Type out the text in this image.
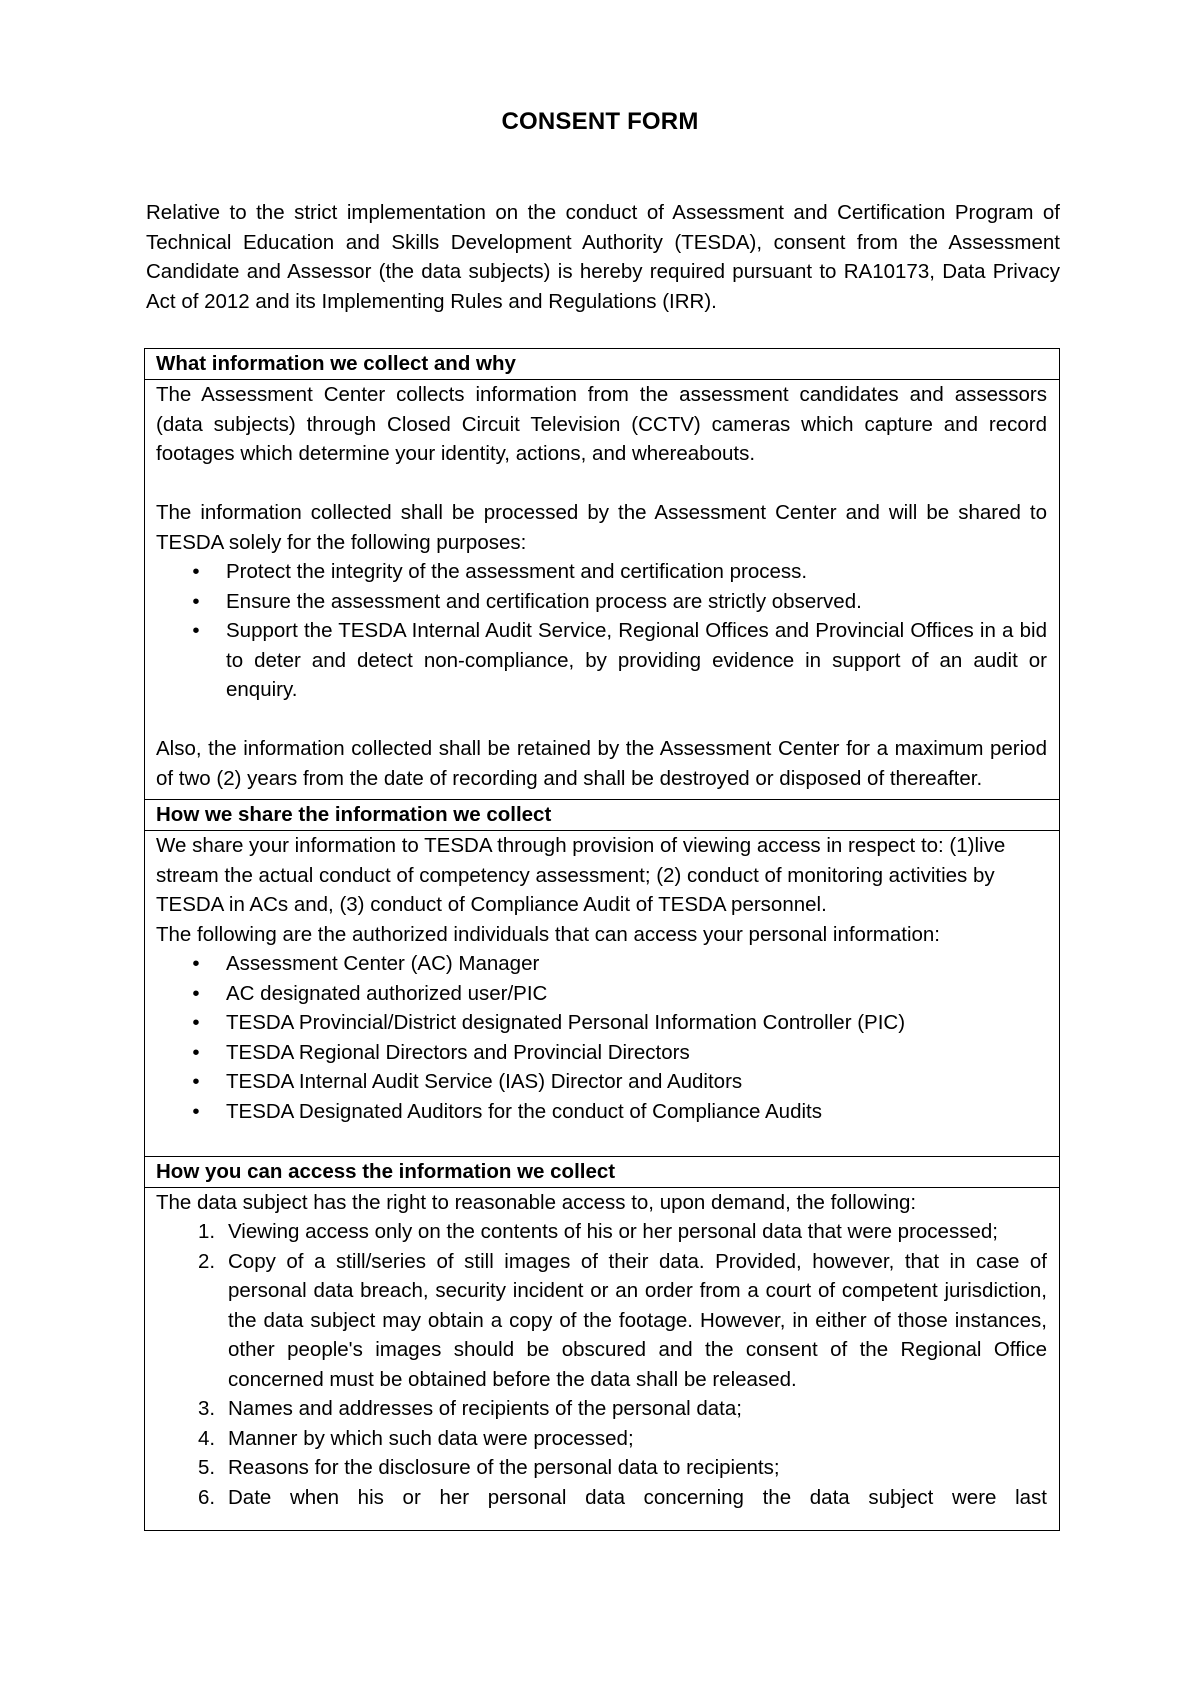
CONSENT FORM

Relative to the strict implementation on the conduct of Assessment and Certification Program of Technical Education and Skills Development Authority (TESDA), consent from the Assessment Candidate and Assessor (the data subjects) is hereby required pursuant to RA10173, Data Privacy Act of 2012 and its Implementing Rules and Regulations (IRR).

What information we collect and why

The Assessment Center collects information from the assessment candidates and assessors (data subjects) through Closed Circuit Television (CCTV) cameras which capture and record footages which determine your identity, actions, and whereabouts.

The information collected shall be processed by the Assessment Center and will be shared to TESDA solely for the following purposes:

•	Protect the integrity of the assessment and certification process.
•	Ensure the assessment and certification process are strictly observed.
•	Support the TESDA Internal Audit Service, Regional Offices and Provincial Offices in a bid to deter and detect non-compliance, by providing evidence in support of an audit or enquiry.

Also, the information collected shall be retained by the Assessment Center for a maximum period of two (2) years from the date of recording and shall be destroyed or disposed of thereafter.

How we share the information we collect

We share your information to TESDA through provision of viewing access in respect to: (1)live stream the actual conduct of competency assessment; (2) conduct of monitoring activities by TESDA in ACs and, (3) conduct of Compliance Audit of TESDA personnel.

The following are the authorized individuals that can access your personal information:

•	Assessment Center (AC) Manager
•	AC designated authorized user/PIC
•	TESDA Provincial/District designated Personal Information Controller (PIC)
•	TESDA Regional Directors and Provincial Directors
•	TESDA Internal Audit Service (IAS) Director and Auditors
•	TESDA Designated Auditors for the conduct of Compliance Audits

How you can access the information we collect

The data subject has the right to reasonable access to, upon demand, the following:

1. Viewing access only on the contents of his or her personal data that were processed;
2. Copy of a still/series of still images of their data. Provided, however, that in case of personal data breach, security incident or an order from a court of competent jurisdiction, the data subject may obtain a copy of the footage. However, in either of those instances, other people's images should be obscured and the consent of the Regional Office concerned must be obtained before the data shall be released.
3. Names and addresses of recipients of the personal data;
4. Manner by which such data were processed;
5. Reasons for the disclosure of the personal data to recipients;
6. Date when his or her personal data concerning the data subject were last
